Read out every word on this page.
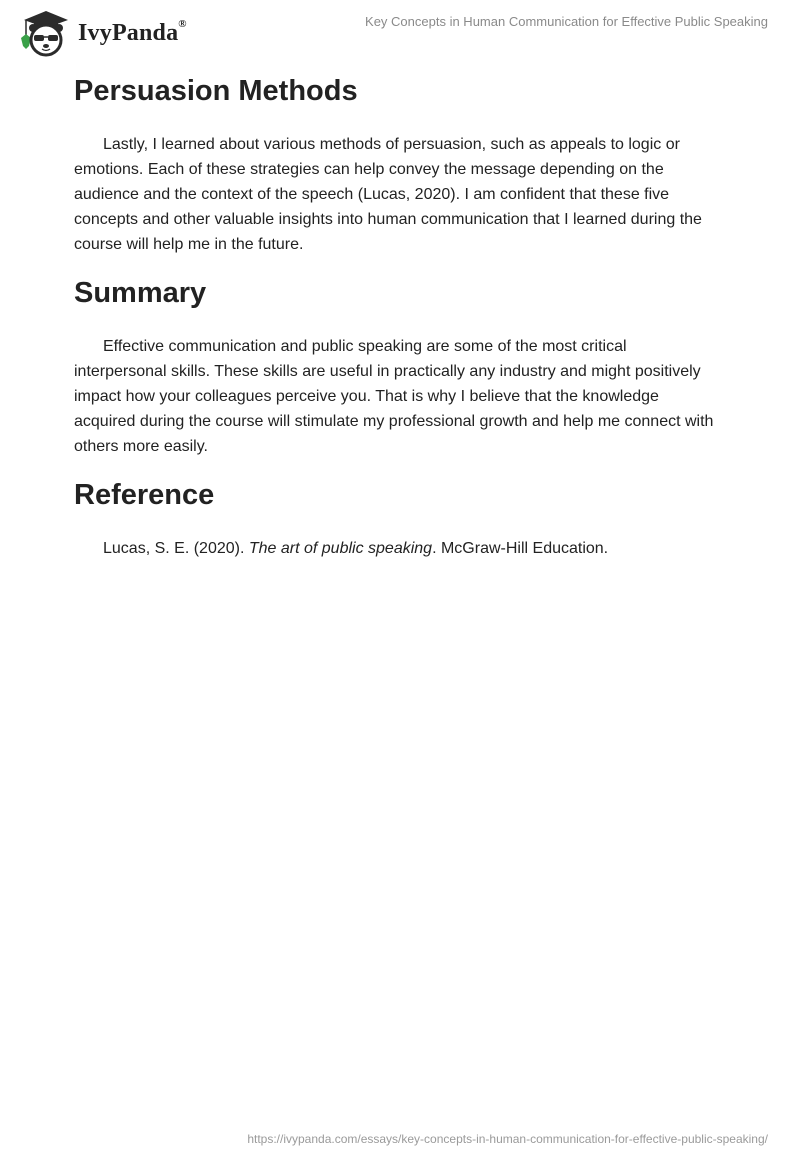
IvyPanda®	Key Concepts in Human Communication for Effective Public Speaking
Persuasion Methods

Lastly, I learned about various methods of persuasion, such as appeals to logic or emotions. Each of these strategies can help convey the message depending on the audience and the context of the speech (Lucas, 2020). I am confident that these five concepts and other valuable insights into human communication that I learned during the course will help me in the future.

Summary

Effective communication and public speaking are some of the most critical interpersonal skills. These skills are useful in practically any industry and might positively impact how your colleagues perceive you. That is why I believe that the knowledge acquired during the course will stimulate my professional growth and help me connect with others more easily.

Reference

Lucas, S. E. (2020). The art of public speaking. McGraw-Hill Education.

https://ivypanda.com/essays/key-concepts-in-human-communication-for-effective-public-speaking/
